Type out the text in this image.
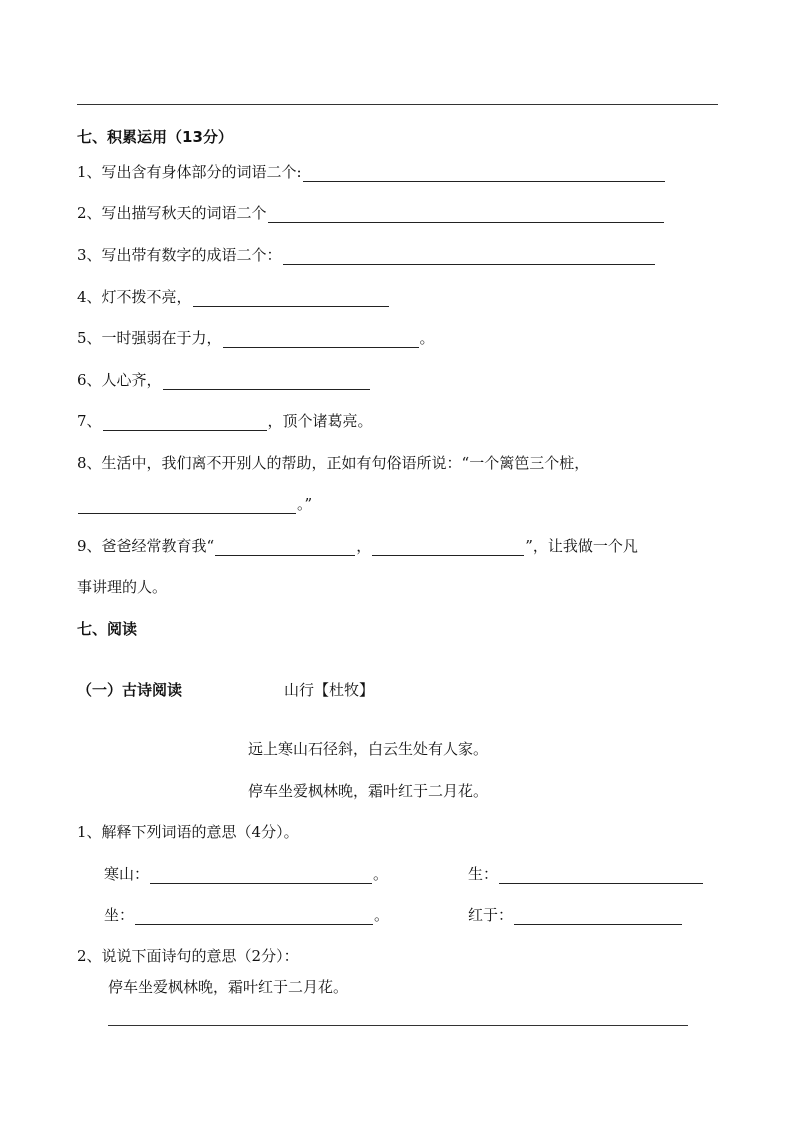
七、积累运用（13分）
1、写出含有身体部分的词语二个:
2、写出描写秋天的词语二个
3、写出带有数字的成语二个：
4、灯不拨不亮，
5、一时强弱在于力，	。
6、人心齐，
7、	，顶个诸葛亮。
8、生活中，我们离不开别人的帮助，正如有句俗语所说：“一个篱笆三个桩，
。”
9、爸爸经常教育我“	，	”，让我做一个凡
事讲理的人。
七、阅读
（一）古诗阅读	山行【杜牧】
远上寒山石径斜，白云生处有人家。
停车坐爱枫林晚，霜叶红于二月花。
1、解释下列词语的意思（4分）。
寒山：	。	生：
坐：	。	红于：
2、说说下面诗句的意思（2分）：
停车坐爱枫林晚，霜叶红于二月花。
